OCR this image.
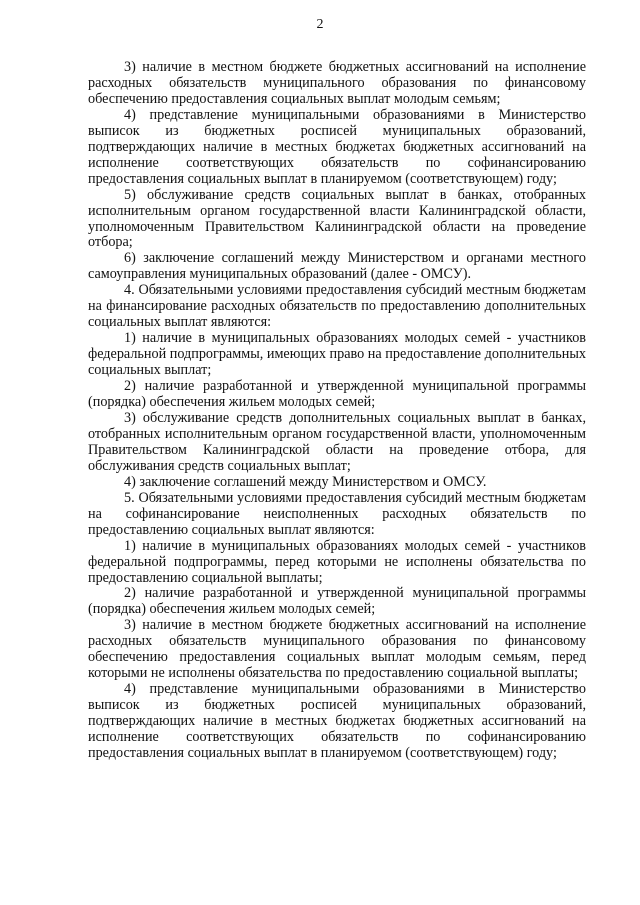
2

3) наличие в местном бюджете бюджетных ассигнований на исполнение расходных обязательств муниципального образования по финансовому обеспечению предоставления социальных выплат молодым семьям;

4) представление муниципальными образованиями в Министерство выписок из бюджетных росписей муниципальных образований, подтверждающих наличие в местных бюджетах бюджетных ассигнований на исполнение соответствующих обязательств по софинансированию предоставления социальных выплат в планируемом (соответствующем) году;

5) обслуживание средств социальных выплат в банках, отобранных исполнительным органом государственной власти Калининградской области, уполномоченным Правительством Калининградской области на проведение отбора;

6) заключение соглашений между Министерством и органами местного самоуправления муниципальных образований (далее - ОМСУ).

4. Обязательными условиями предоставления субсидий местным бюджетам на финансирование расходных обязательств по предоставлению дополнительных социальных выплат являются:

1) наличие в муниципальных образованиях молодых семей - участников федеральной подпрограммы, имеющих право на предоставление дополнительных социальных выплат;

2) наличие разработанной и утвержденной муниципальной программы (порядка) обеспечения жильем молодых семей;

3) обслуживание средств дополнительных социальных выплат в банках, отобранных исполнительным органом государственной власти, уполномоченным Правительством Калининградской области на проведение отбора, для обслуживания средств социальных выплат;

4) заключение соглашений между Министерством и ОМСУ.

5. Обязательными условиями предоставления субсидий местным бюджетам на софинансирование неисполненных расходных обязательств по предоставлению социальных выплат являются:

1) наличие в муниципальных образованиях молодых семей - участников федеральной подпрограммы, перед которыми не исполнены обязательства по предоставлению социальной выплаты;

2) наличие разработанной и утвержденной муниципальной программы (порядка) обеспечения жильем молодых семей;

3) наличие в местном бюджете бюджетных ассигнований на исполнение расходных обязательств муниципального образования по финансовому обеспечению предоставления социальных выплат молодым семьям, перед которыми не исполнены обязательства по предоставлению социальной выплаты;

4) представление муниципальными образованиями в Министерство выписок из бюджетных росписей муниципальных образований, подтверждающих наличие в местных бюджетах бюджетных ассигнований на исполнение соответствующих обязательств по софинансированию предоставления социальных выплат в планируемом (соответствующем) году;
